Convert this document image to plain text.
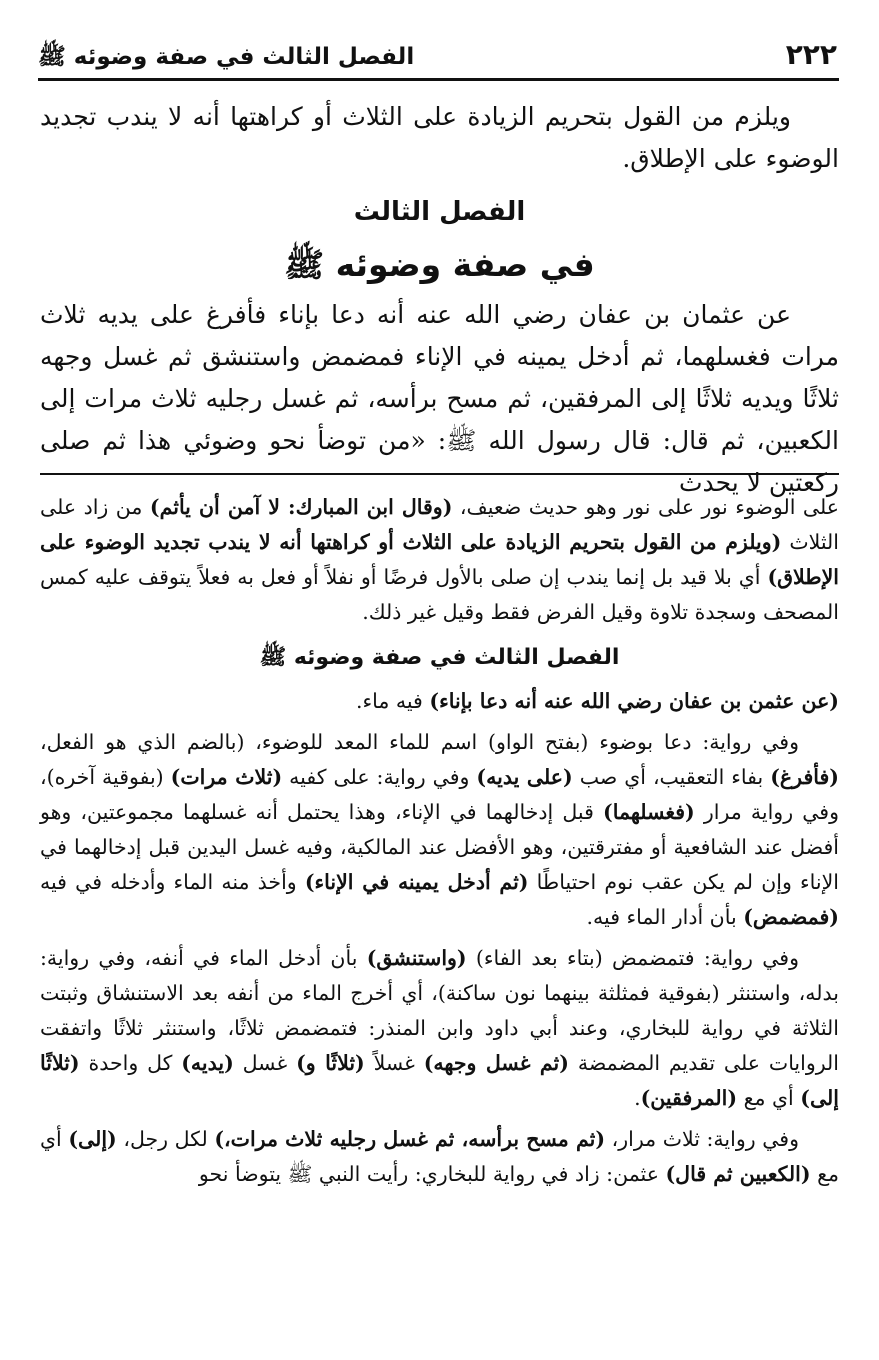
٢٢٢
الفصل الثالث في صفة وضوئه ﷺ

ويلزم من القول بتحريم الزيادة على الثلاث أو كراهتها أنه لا يندب تجديد الوضوء على الإطلاق.

الفصل الثالث
في صفة وضوئه ﷺ

عن عثمان بن عفان رضي الله عنه أنه دعا بإناء فأفرغ على يديه ثلاث مرات فغسلهما، ثم أدخل يمينه في الإناء فمضمض واستنشق ثم غسل وجهه ثلاثًا ويديه ثلاثًا إلى المرفقين، ثم مسح برأسه، ثم غسل رجليه ثلاث مرات إلى الكعبين، ثم قال: قال رسول الله ﷺ: «من توضأ نحو وضوئي هذا ثم صلى ركعتين لا يحدث

على الوضوء نور على نور وهو حديث ضعيف، (وقال ابن المبارك: لا آمن أن يأثم) من زاد على الثلاث (ويلزم من القول بتحريم الزيادة على الثلاث أو كراهتها أنه لا يندب تجديد الوضوء على الإطلاق) أي بلا قيد بل إنما يندب إن صلى بالأول فرضًا أو نفلاً أو فعل به فعلاً يتوقف عليه كمس المصحف وسجدة تلاوة وقيل الفرض فقط وقيل غير ذلك.

الفصل الثالث في صفة وضوئه ﷺ

(عن عثمن بن عفان رضي الله عنه أنه دعا بإناء) فيه ماء.

وفي رواية: دعا بوضوء (بفتح الواو) اسم للماء المعد للوضوء، (بالضم الذي هو الفعل، (فأفرغ) بفاء التعقيب، أي صب (على يديه) وفي رواية: على كفيه (ثلاث مرات) (بفوقية آخره)، وفي رواية مرار (فغسلهما) قبل إدخالهما في الإناء، وهذا يحتمل أنه غسلهما مجموعتين، وهو أفضل عند الشافعية أو مفترقتين، وهو الأفضل عند المالكية، وفيه غسل اليدين قبل إدخالهما في الإناء وإن لم يكن عقب نوم احتياطًا (ثم أدخل يمينه في الإناء) وأخذ منه الماء وأدخله في فيه (فمضمض) بأن أدار الماء فيه.

وفي رواية: فتمضمض (بتاء بعد الفاء) (واستنشق) بأن أدخل الماء في أنفه، وفي رواية: بدله، واستنثر (بفوقية فمثلثة بينهما نون ساكنة)، أي أخرج الماء من أنفه بعد الاستنشاق وثبتت الثلاثة في رواية للبخاري، وعند أبي داود وابن المنذر: فتمضمض ثلاثًا، واستنثر ثلاثًا واتفقت الروايات على تقديم المضمضة (ثم غسل وجهه) غسلاً (ثلاثًا و) غسل (يديه) كل واحدة (ثلاثًا إلى) أي مع (المرفقين).

وفي رواية: ثلاث مرار، (ثم مسح برأسه، ثم غسل رجليه ثلاث مرات،) لكل رجل، (إلى) أي مع (الكعبين ثم قال) عثمن: زاد في رواية للبخاري: رأيت النبي ﷺ يتوضأ نحو
